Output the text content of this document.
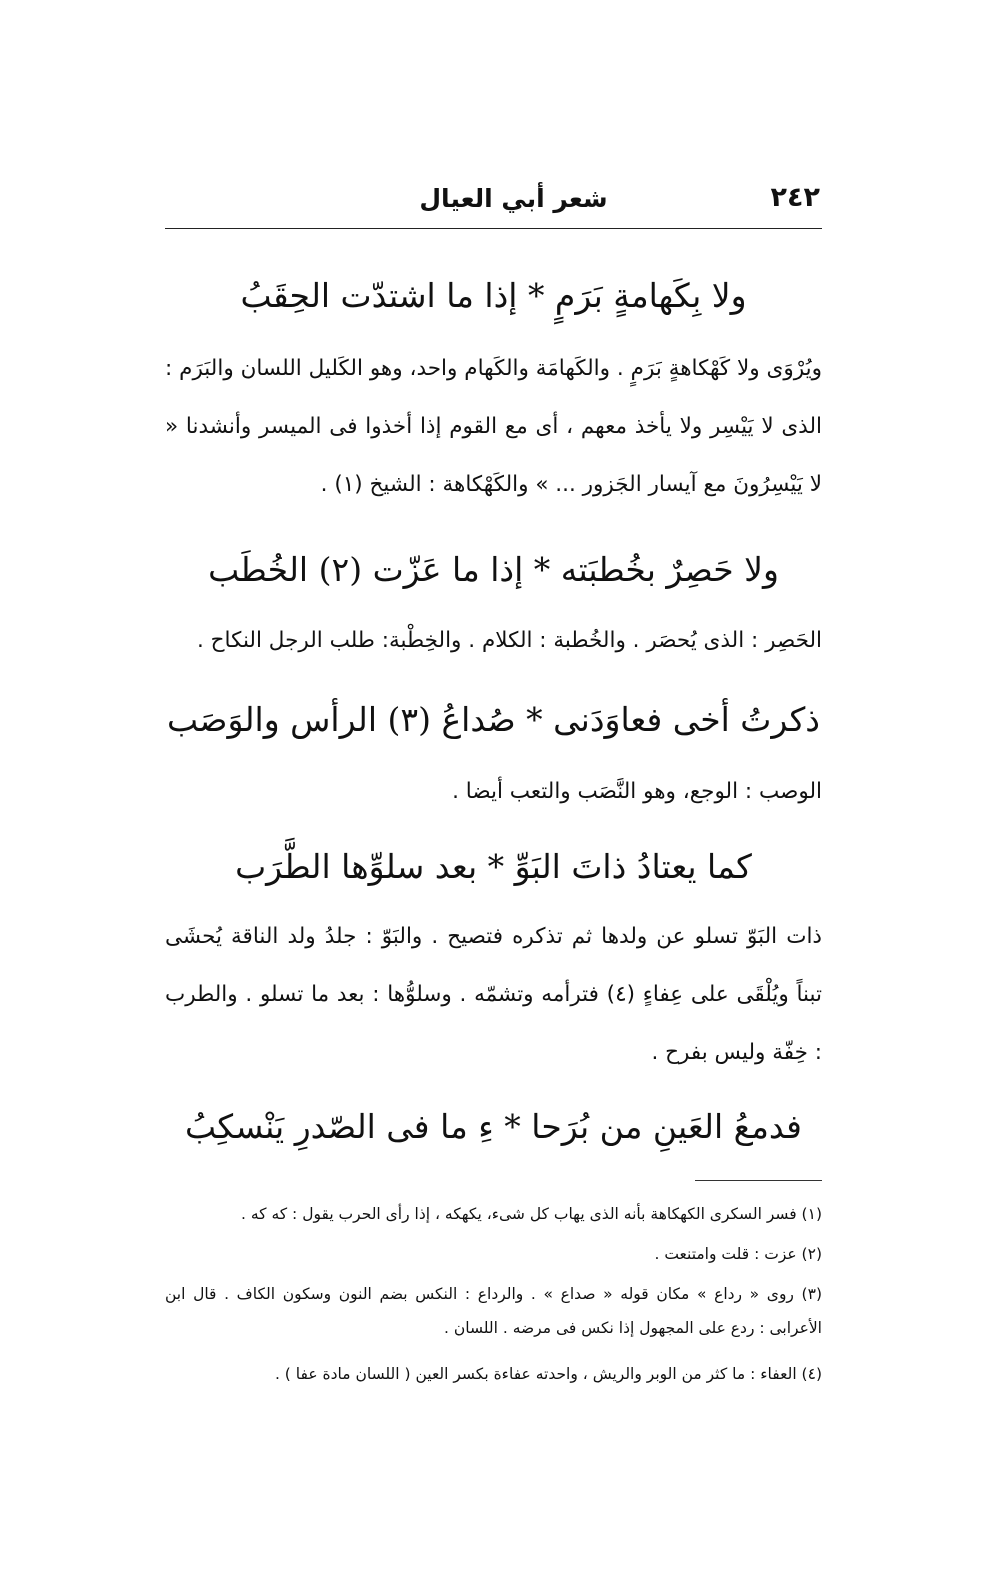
٢٤٢
شعر أبي العيال
ولا بِكَهامةٍ بَرَمٍ * إذا ما اشتدّت الحِقَبُ
ويُرْوَى ولا كَهْكاهةٍ بَرَمٍ . والكَهامَة والكَهام واحد، وهو الكَليل اللسان والبَرَم : الذى لا يَيْسِر ولا يأخذ معهم ، أى مع القوم إذا أخذوا فى الميسر وأنشدنا « لا يَيْسِرُونَ مع آيسار الجَزور ... » والكَهْكاهة : الشيخ (١) .
ولا حَصِرٌ بخُطبَته * إذا ما عَزّت (٢) الخُطَب
الحَصِر : الذى يُحصَر . والخُطبة : الكلام . والخِطْبة: طلب الرجل النكاح .
ذكرتُ أخى فعاوَدَنى * صُداعُ (٣) الرأس والوَصَب
الوصب : الوجع، وهو النَّصَب والتعب أيضا .
كما يعتادُ ذاتَ البَوِّ * بعد سلوِّها الطَّرَب
ذات البَوّ تسلو عن ولدها ثم تذكره فتصيح . والبَوّ : جلدُ ولد الناقة يُحشَى تبناً ويُلْقَى على عِفاءٍ (٤) فترأمه وتشمّه . وسلوُّها : بعد ما تسلو . والطرب : خِفّة وليس بفرح .
فدمعُ العَينِ من بُرَحا * ءِ ما فى الصّدرِ يَنْسكِبُ
(١) فسر السكرى الكهكاهة بأنه الذى يهاب كل شىء، يكهكه ، إذا رأى الحرب يقول : كه كه .
(٢) عزت : قلت وامتنعت .
(٣) روى « رداع » مكان قوله « صداع » . والرداع : النكس بضم النون وسكون الكاف . قال ابن الأعرابى : ردع على المجهول إذا نكس فى مرضه . اللسان .
(٤) العفاء : ما كثر من الوبر والريش ، واحدته عفاءة بكسر العين ( اللسان مادة عفا ) .
